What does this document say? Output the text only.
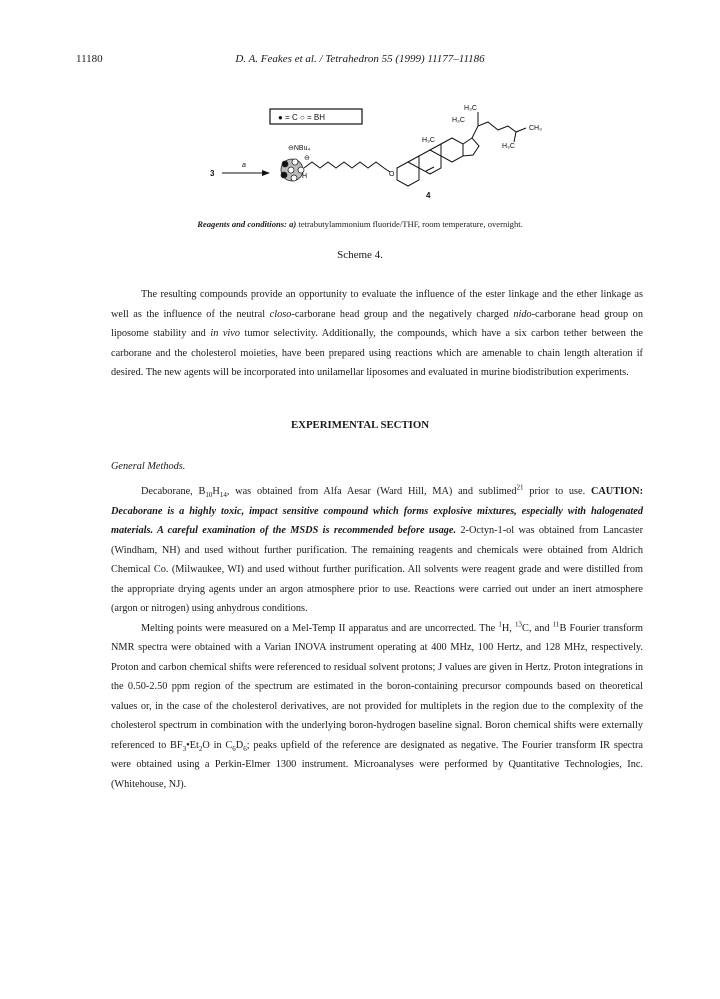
11180	D. A. Feakes et al. / Tetrahedron 55 (1999) 11177–11186
● = C ○ = BH
3
a
⊖NBu₄
⊖
H	O
4
H₃C
H₃C
H₃C
CH₃
H₃C
Reagents and conditions: a) tetrabutylammonium fluoride/THF, room temperature, overnight.
Scheme 4.

The resulting compounds provide an opportunity to evaluate the influence of the ester linkage and the ether linkage as well as the influence of the neutral closo-carborane head group and the negatively charged nido-carborane head group on liposome stability and in vivo tumor selectivity. Additionally, the compounds, which have a six carbon tether between the carborane and the cholesterol moieties, have been prepared using reactions which are amenable to chain length alteration if desired. The new agents will be incorporated into unilamellar liposomes and evaluated in murine biodistribution experiments.

EXPERIMENTAL SECTION
General Methods.

Decaborane, $B_{10}H_{14}$, was obtained from Alfa Aesar (Ward Hill, MA) and sublimed$^{21}$ prior to use. CAUTION: Decaborane is a highly toxic, impact sensitive compound which forms explosive mixtures, especially with halogenated materials. A careful examination of the MSDS is recommended before usage. 2-Octyn-1-ol was obtained from Lancaster (Windham, NH) and used without further purification. The remaining reagents and chemicals were obtained from Aldrich Chemical Co. (Milwaukee, WI) and used without further purification. All solvents were reagent grade and were distilled from the appropriate drying agents under an argon atmosphere prior to use. Reactions were carried out under an inert atmosphere (argon or nitrogen) using anhydrous conditions.

Melting points were measured on a Mel-Temp II apparatus and are uncorrected. The $^1$H, $^{13}$C, and $^{11}$B Fourier transform NMR spectra were obtained with a Varian INOVA instrument operating at 400 MHz, 100 Hertz, and 128 MHz, respectively. Proton and carbon chemical shifts were referenced to residual solvent protons; J values are given in Hertz. Proton integrations in the 0.50-2.50 ppm region of the spectrum are estimated in the boron-containing precursor compounds based on theoretical values or, in the case of the cholesterol derivatives, are not provided for multiplets in the region due to the complexity of the cholesterol spectrum in combination with the underlying boron-hydrogen baseline signal. Boron chemical shifts were externally referenced to $BF_3•Et_2O$ in $C_6D_6$; peaks upfield of the reference are designated as negative. The Fourier transform IR spectra were obtained using a Perkin-Elmer 1300 instrument. Microanalyses were performed by Quantitative Technologies, Inc. (Whitehouse, NJ).
